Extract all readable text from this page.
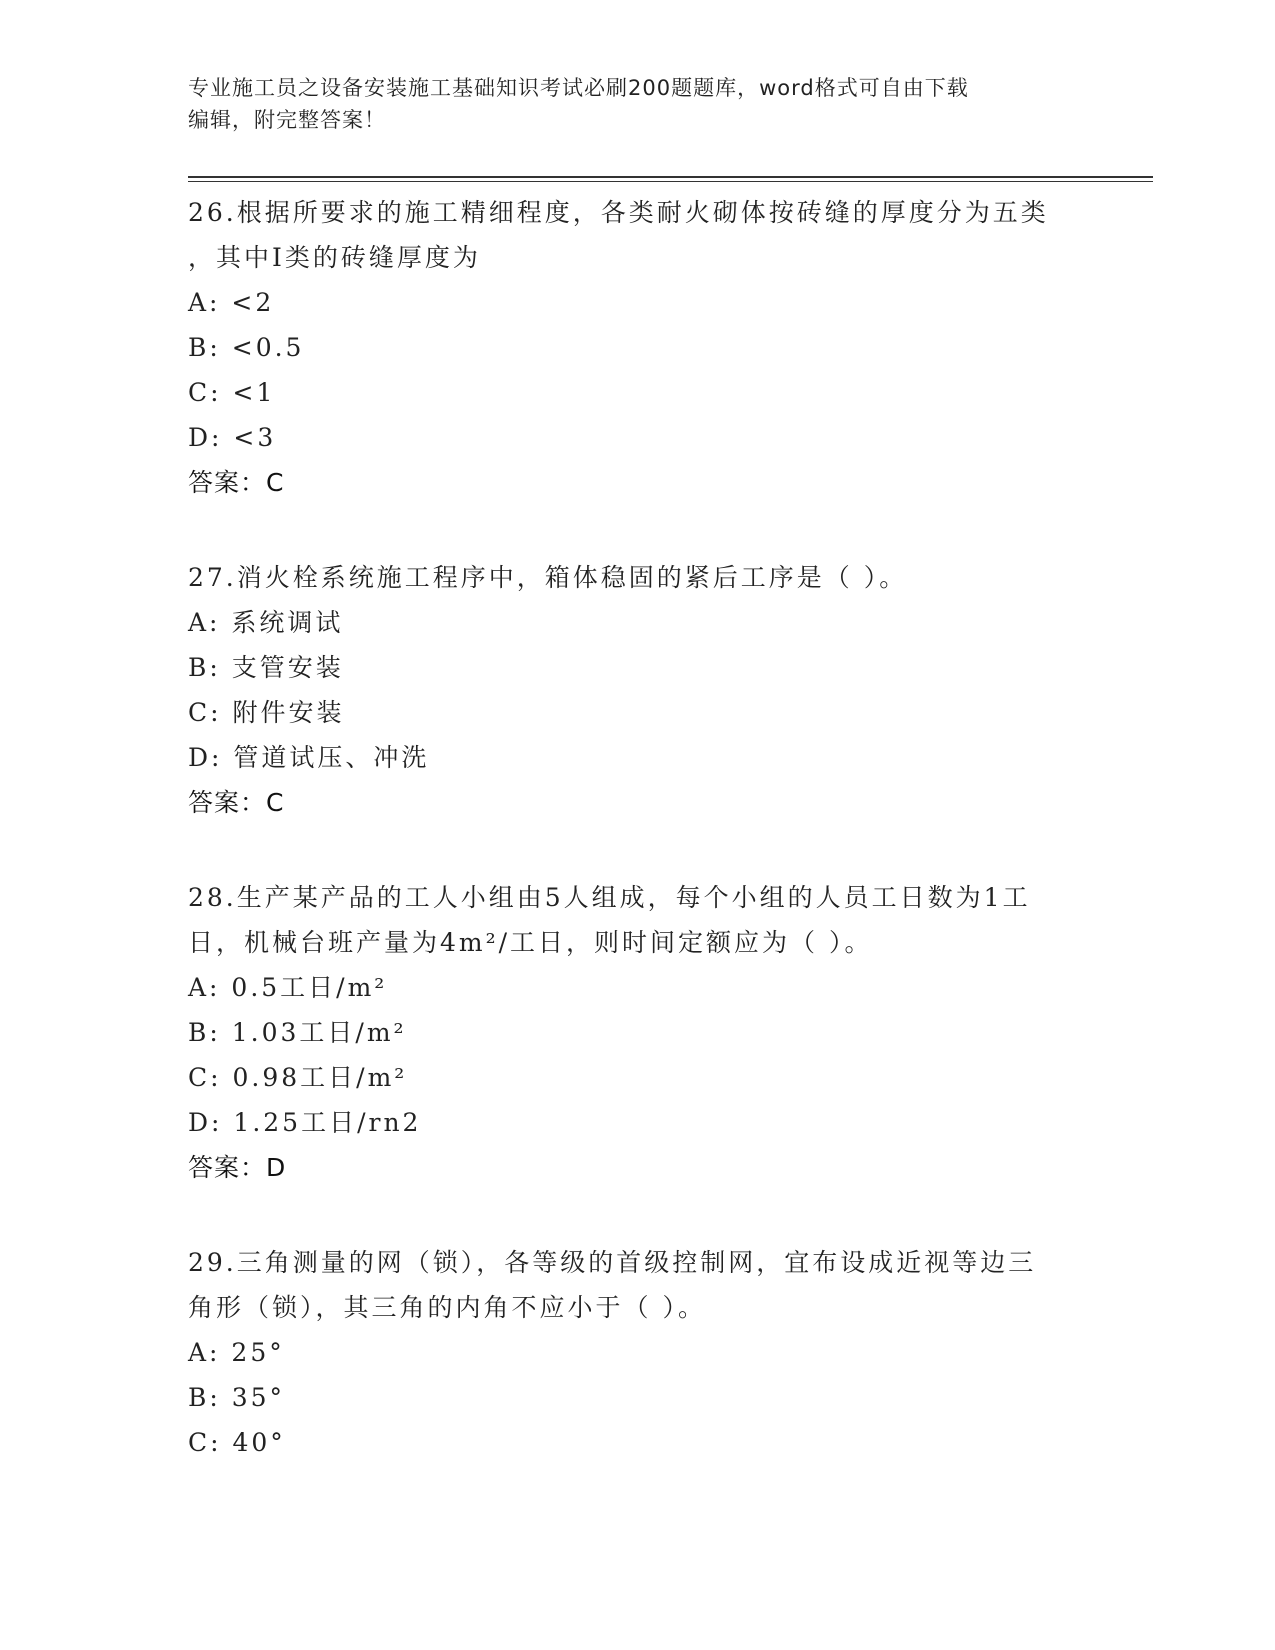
专业施工员之设备安装施工基础知识考试必刷200题题库，word格式可自由下载
编辑，附完整答案！
26.根据所要求的施工精细程度，各类耐火砌体按砖缝的厚度分为五类
，其中Ⅰ类的砖缝厚度为
A: <2
B: <0.5
C: <1
D: <3
答案：C
27.消火栓系统施工程序中，箱体稳固的紧后工序是（ ）。
A: 系统调试
B: 支管安装
C: 附件安装
D: 管道试压、冲洗
答案：C
28.生产某产品的工人小组由5人组成，每个小组的人员工日数为1工
日，机械台班产量为4m²/工日，则时间定额应为（ ）。
A: 0.5工日/m²
B: 1.03工日/m²
C: 0.98工日/m²
D: 1.25工日/rn2
答案：D
29.三角测量的网（锁），各等级的首级控制网，宜布设成近视等边三
角形（锁），其三角的内角不应小于（ ）。
A: 25°
B: 35°
C: 40°
